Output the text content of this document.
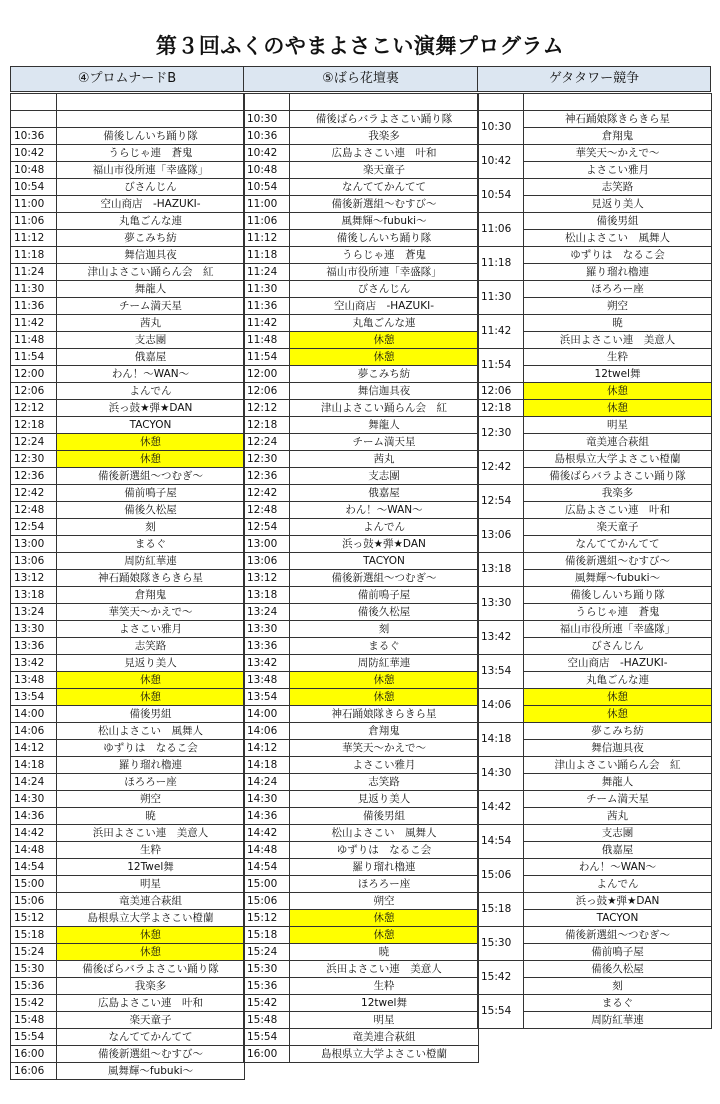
第３回ふくのやまよさこい演舞プログラム
④プロムナードB	⑤ばら花壇裏	ゲタタワー競争

10:36	備後しんいち踊り隊
10:42	うらじゃ連　蒼鬼
10:48	福山市役所連「幸盛隊」
10:54	びさんじん
11:00	空山商店　-HAZUKI-
11:06	丸亀ごんな連
11:12	夢こみち紡
11:18	舞信迦具夜
11:24	津山よさこい踊らん会　紅
11:30	舞龍人
11:36	チーム満天星
11:42	茜丸
11:48	支志團
11:54	俄嘉屋
12:00	わん！～WAN～
12:06	よんでん
12:12	浜っ鼓★弾★DAN
12:18	TACYON
12:24	休憩
12:30	休憩
12:36	備後新選組～つむぎ～
12:42	備前鳴子屋
12:48	備後久松屋
12:54	刻
13:00	まるぐ
13:06	周防紅華連
13:12	神石踊娘隊きらきら星
13:18	倉翔鬼
13:24	華笑天～かえで～
13:30	よさこい雅月
13:36	志笑路
13:42	見返り美人
13:48	休憩
13:54	休憩
14:00	備後男組
14:06	松山よさこい　風舞人
14:12	ゆずりは　なるこ会
14:18	羅り瑠れ櫓連
14:24	ほろろー座
14:30	朔空
14:36	暁
14:42	浜田よさこい連　美意人
14:48	生粋
14:54	12Twel舞
15:00	明星
15:06	竜美連合萩組
15:12	島根県立大学よさこい橙蘭
15:18	休憩
15:24	休憩
15:30	備後ばらバラよさこい踊り隊
15:36	我楽多
15:42	広島よさこい連　叶和
15:48	楽天童子
15:54	なんててかんてて
16:00	備後新選組～むすび～
16:06	風舞輝～fubuki～

10:30	備後ばらバラよさこい踊り隊
10:36	我楽多
10:42	広島よさこい連　叶和
10:48	楽天童子
10:54	なんててかんてて
11:00	備後新選組～むすび～
11:06	風舞輝～fubuki～
11:12	備後しんいち踊り隊
11:18	うらじゃ連　蒼鬼
11:24	福山市役所連「幸盛隊」
11:30	びさんじん
11:36	空山商店　-HAZUKI-
11:42	丸亀ごんな連
11:48	休憩
11:54	休憩
12:00	夢こみち紡
12:06	舞信迦具夜
12:12	津山よさこい踊らん会　紅
12:18	舞龍人
12:24	チーム満天星
12:30	茜丸
12:36	支志團
12:42	俄嘉屋
12:48	わん！～WAN～
12:54	よんでん
13:00	浜っ鼓★弾★DAN
13:06	TACYON
13:12	備後新選組～つむぎ～
13:18	備前鳴子屋
13:24	備後久松屋
13:30	刻
13:36	まるぐ
13:42	周防紅華連
13:48	休憩
13:54	休憩
14:00	神石踊娘隊きらきら星
14:06	倉翔鬼
14:12	華笑天～かえで～
14:18	よさこい雅月
14:24	志笑路
14:30	見返り美人
14:36	備後男組
14:42	松山よさこい　風舞人
14:48	ゆずりは　なるこ会
14:54	羅り瑠れ櫓連
15:00	ほろろー座
15:06	朔空
15:12	休憩
15:18	休憩
15:24	暁
15:30	浜田よさこい連　美意人
15:36	生粋
15:42	12twel舞
15:48	明星
15:54	竜美連合萩組
16:00	島根県立大学よさこい橙蘭

10:30	神石踊娘隊きらきら星
	倉翔鬼
10:42	華笑天～かえで～
	よさこい雅月
10:54	志笑路
	見返り美人
11:06	備後男組
	松山よさこい　風舞人
11:18	ゆずりは　なるこ会
	羅り瑠れ櫓連
11:30	ほろろー座
	朔空
11:42	暁
	浜田よさこい連　美意人
11:54	生粋
	12twel舞
12:06	休憩

12:18	休憩

12:30	明星
	竜美連合萩組
12:42	島根県立大学よさこい橙蘭
	備後ばらバラよさこい踊り隊
12:54	我楽多
	広島よさこい連　叶和
13:06	楽天童子
	なんててかんてて
13:18	備後新選組～むすび～
	風舞輝～fubuki～
13:30	備後しんいち踊り隊
	うらじゃ連　蒼鬼
13:42	福山市役所連「幸盛隊」
	びさんじん
13:54	空山商店　-HAZUKI-
	丸亀ごんな連
14:06	休憩
	休憩
14:18	夢こみち紡
	舞信迦具夜
14:30	津山よさこい踊らん会　紅
	舞龍人
14:42	チーム満天星
	茜丸
14:54	支志團
	俄嘉屋
15:06	わん！～WAN～
	よんでん
15:18	浜っ鼓★弾★DAN
	TACYON
15:30	備後新選組～つむぎ～
	備前鳴子屋
15:42	備後久松屋
	刻
15:54	まるぐ
	周防紅華連
